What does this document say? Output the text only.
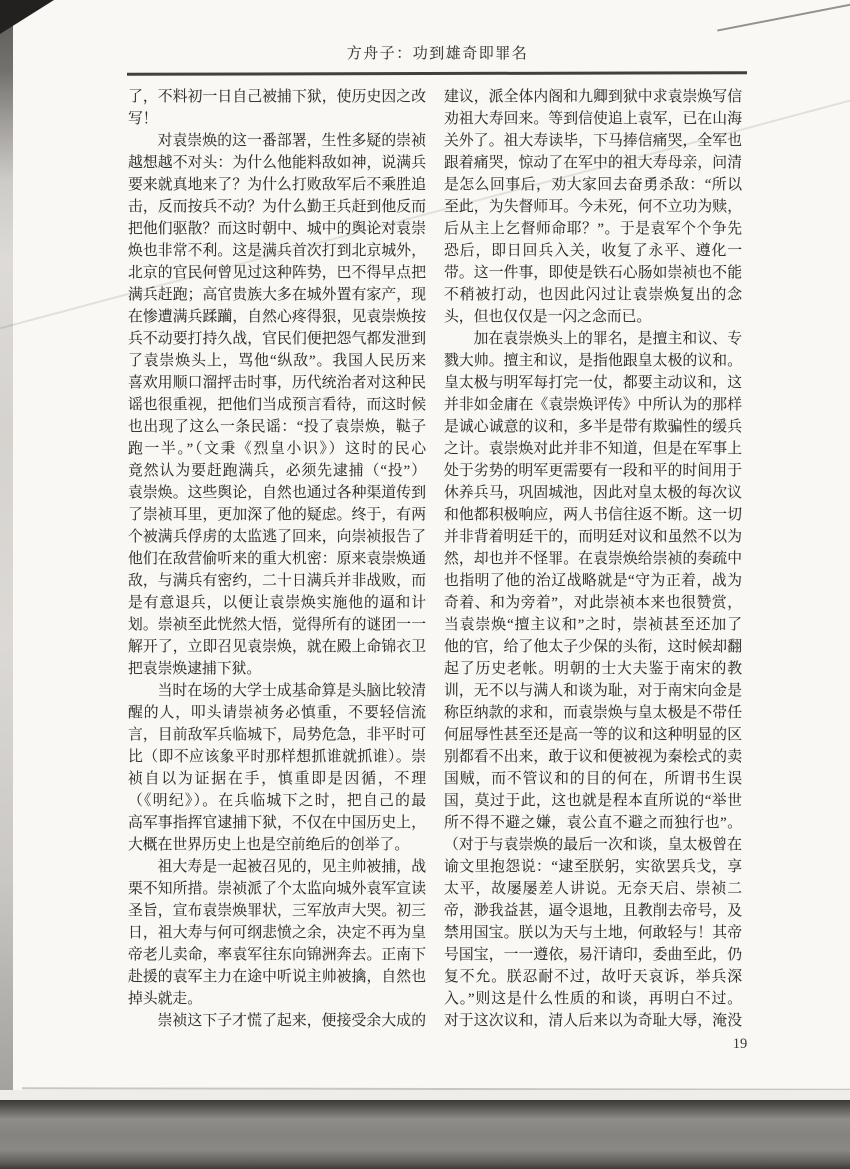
方舟子：功到雄奇即罪名
了，不料初一日自己被捕下狱，使历史因之改
写！
对袁崇焕的这一番部署，生性多疑的崇祯
越想越不对头：为什么他能料敌如神，说满兵
要来就真地来了？为什么打败敌军后不乘胜追
击，反而按兵不动？为什么勤王兵赶到他反而
把他们驱散？而这时朝中、城中的舆论对袁崇
焕也非常不利。这是满兵首次打到北京城外，
北京的官民何曾见过这种阵势，巴不得早点把
满兵赶跑；高官贵族大多在城外置有家产，现
在惨遭满兵蹂躏，自然心疼得狠，见袁崇焕按
兵不动要打持久战，官民们便把怨气都发泄到
了袁崇焕头上，骂他“纵敌”。我国人民历来
喜欢用顺口溜抨击时事，历代统治者对这种民
谣也很重视，把他们当成预言看待，而这时候
也出现了这么一条民谣：“投了袁崇焕，鞑子
跑一半。”（文秉《烈皇小识》）这时的民心
竟然认为要赶跑满兵，必须先逮捕（“投”）
袁崇焕。这些舆论，自然也通过各种渠道传到
了崇祯耳里，更加深了他的疑虑。终于，有两
个被满兵俘虏的太监逃了回来，向崇祯报告了
他们在敌营偷听来的重大机密：原来袁崇焕通
敌，与满兵有密约，二十日满兵并非战败，而
是有意退兵，以便让袁崇焕实施他的逼和计
划。崇祯至此恍然大悟，觉得所有的谜团一一
解开了，立即召见袁崇焕，就在殿上命锦衣卫
把袁崇焕逮捕下狱。
当时在场的大学士成基命算是头脑比较清
醒的人，叩头请崇祯务必慎重，不要轻信流
言，目前敌军兵临城下，局势危急，非平时可
比（即不应该象平时那样想抓谁就抓谁）。崇
祯自以为证据在手，慎重即是因循，不理
（《明纪》）。在兵临城下之时，把自己的最
高军事指挥官逮捕下狱，不仅在中国历史上，
大概在世界历史上也是空前绝后的创举了。
祖大寿是一起被召见的，见主帅被捕，战
栗不知所措。崇祯派了个太监向城外袁军宣读
圣旨，宣布袁崇焕罪状，三军放声大哭。初三
日，祖大寿与何可纲悲愤之余，决定不再为皇
帝老儿卖命，率袁军往东向锦洲奔去。正南下
赴援的袁军主力在途中听说主帅被擒，自然也
掉头就走。
崇祯这下子才慌了起来，便接受余大成的
建议，派全体内阁和九卿到狱中求袁崇焕写信
劝祖大寿回来。等到信使追上袁军，已在山海
关外了。祖大寿读毕，下马捧信痛哭，全军也
跟着痛哭，惊动了在军中的祖大寿母亲，问清
是怎么回事后，劝大家回去奋勇杀敌：“所以
至此，为失督师耳。今未死，何不立功为赎，
后从主上乞督师命耶？”。于是袁军个个争先
恐后，即日回兵入关，收复了永平、遵化一
带。这一件事，即使是铁石心肠如崇祯也不能
不稍被打动，也因此闪过让袁崇焕复出的念
头，但也仅仅是一闪之念而已。
加在袁崇焕头上的罪名，是擅主和议、专
戮大帅。擅主和议，是指他跟皇太极的议和。
皇太极与明军每打完一仗，都要主动议和，这
并非如金庸在《袁崇焕评传》中所认为的那样
是诚心诚意的议和，多半是带有欺骗性的缓兵
之计。袁崇焕对此并非不知道，但是在军事上
处于劣势的明军更需要有一段和平的时间用于
休养兵马，巩固城池，因此对皇太极的每次议
和他都积极响应，两人书信往返不断。这一切
并非背着明廷干的，而明廷对议和虽然不以为
然，却也并不怪罪。在袁崇焕给崇祯的奏疏中
也指明了他的治辽战略就是“守为正着，战为
奇着、和为旁着”，对此崇祯本来也很赞赏，
当袁崇焕“擅主议和”之时，崇祯甚至还加了
他的官，给了他太子少保的头衔，这时候却翻
起了历史老帐。明朝的士大夫鉴于南宋的教
训，无不以与满人和谈为耻，对于南宋向金是
称臣纳款的求和，而袁崇焕与皇太极是不带任
何屈辱性甚至还是高一等的议和这种明显的区
别都看不出来，敢于议和便被视为秦桧式的卖
国贼，而不管议和的目的何在，所谓书生误
国，莫过于此，这也就是程本直所说的“举世
所不得不避之嫌，袁公直不避之而独行也”。
（对于与袁崇焕的最后一次和谈，皇太极曾在
谕文里抱怨说：“逮至朕躬，实欲罢兵戈，享
太平，故屡屡差人讲说。无奈天启、崇祯二
帝，渺我益甚，逼令退地，且教削去帝号，及
禁用国宝。朕以为天与土地，何敢轻与！其帝
号国宝，一一遵依，易汗请印，委曲至此，仍
复不允。朕忍耐不过，故吁天哀诉，举兵深
入。”则这是什么性质的和谈，再明白不过。
对于这次议和，清人后来以为奇耻大辱，淹没
19
